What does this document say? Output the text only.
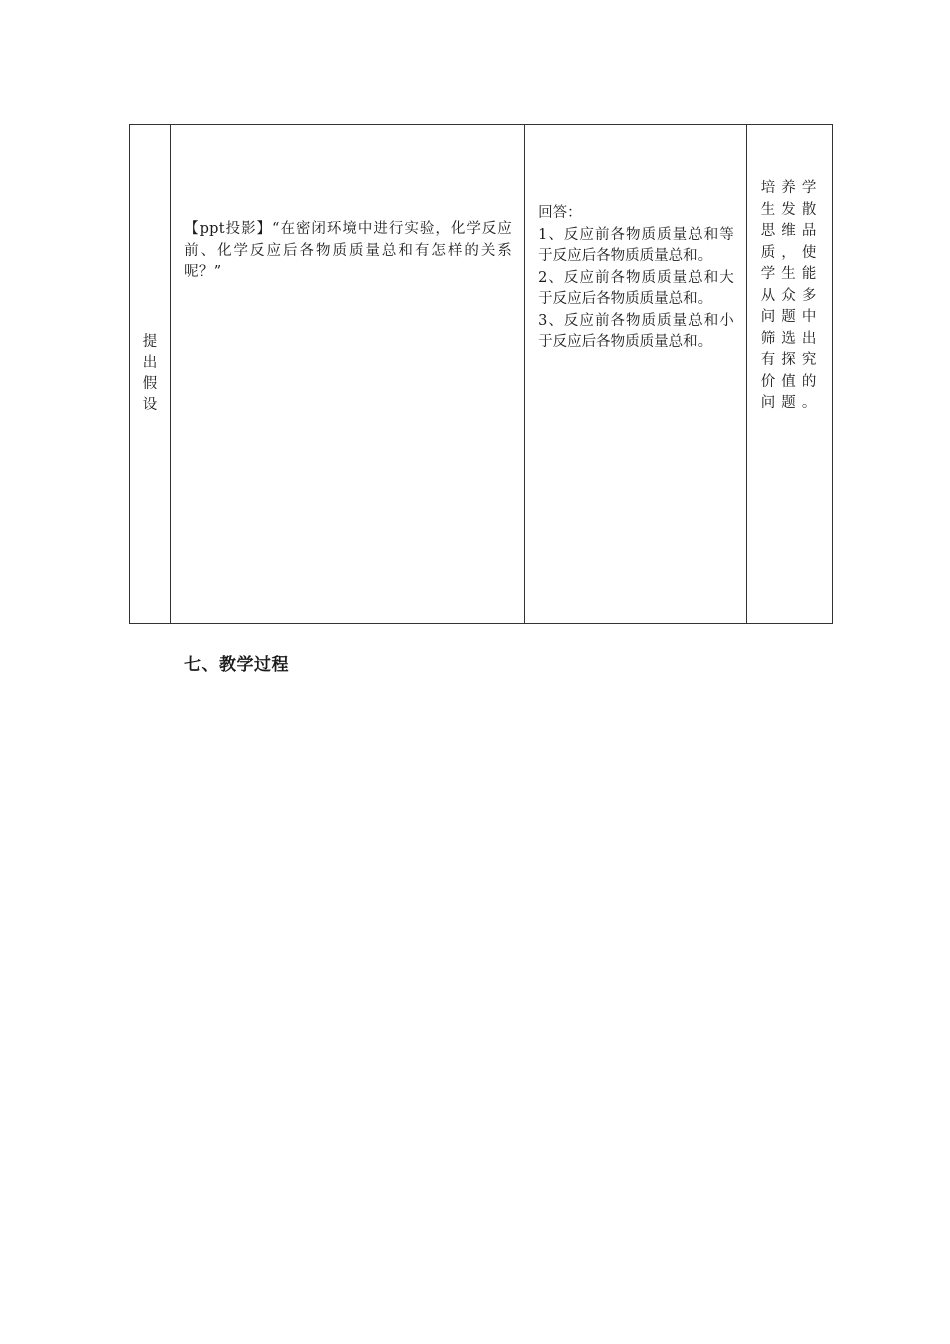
提出假设

【ppt投影】“在密闭环境中进行实验，化学反应前、化学反应后各物质质量总和有怎样的关系呢？”

回答：
1、反应前各物质质量总和等于反应后各物质质量总和。
2、反应前各物质质量总和大于反应后各物质质量总和。
3、反应前各物质质量总和小于反应后各物质质量总和。

培养学生发散思维品质，使学生能从众多问题中筛选出有探究价值的问题。
七、教学过程
